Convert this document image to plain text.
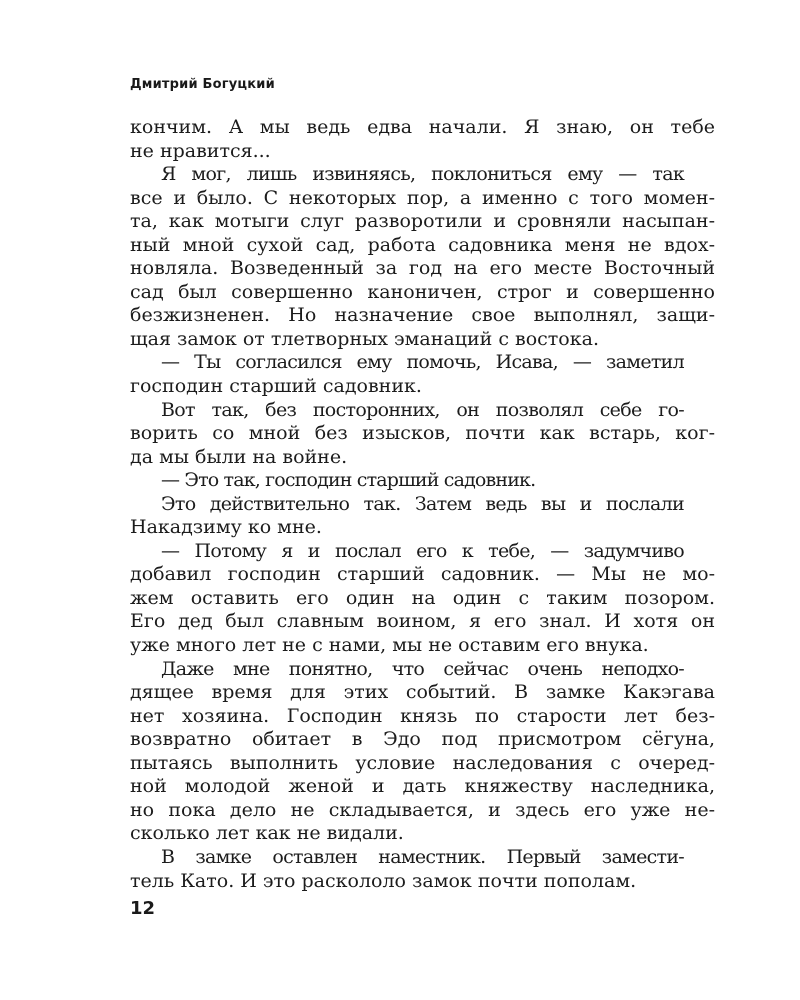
Дмитрий Богуцкий
кончим. А мы ведь едва начали. Я знаю, он тебе
не нравится...
Я мог, лишь извиняясь, поклониться ему — так
все и было. С некоторых пор, а именно с того момен-
та, как мотыги слуг разворотили и сровняли насыпан-
ный мной сухой сад, работа садовника меня не вдох-
новляла. Возведенный за год на его месте Восточный
сад был совершенно каноничен, строг и совершенно
безжизненен. Но назначение свое выполнял, защи-
щая замок от тлетворных эманаций с востока.
— Ты согласился ему помочь, Исава, — заметил
господин старший садовник.
Вот так, без посторонних, он позволял себе го-
ворить со мной без изысков, почти как встарь, ког-
да мы были на войне.
— Это так, господин старший садовник.
Это действительно так. Затем ведь вы и послали
Накадзиму ко мне.
— Потому я и послал его к тебе, — задумчиво
добавил господин старший садовник. — Мы не мо-
жем оставить его один на один с таким позором.
Его дед был славным воином, я его знал. И хотя он
уже много лет не с нами, мы не оставим его внука.
Даже мне понятно, что сейчас очень неподхо-
дящее время для этих событий. В замке Какэгава
нет хозяина. Господин князь по старости лет без-
возвратно обитает в Эдо под присмотром сёгуна,
пытаясь выполнить условие наследования с очеред-
ной молодой женой и дать княжеству наследника,
но пока дело не складывается, и здесь его уже не-
сколько лет как не видали.
В замке оставлен наместник. Первый замести-
тель Като. И это раскололо замок почти пополам.
12
